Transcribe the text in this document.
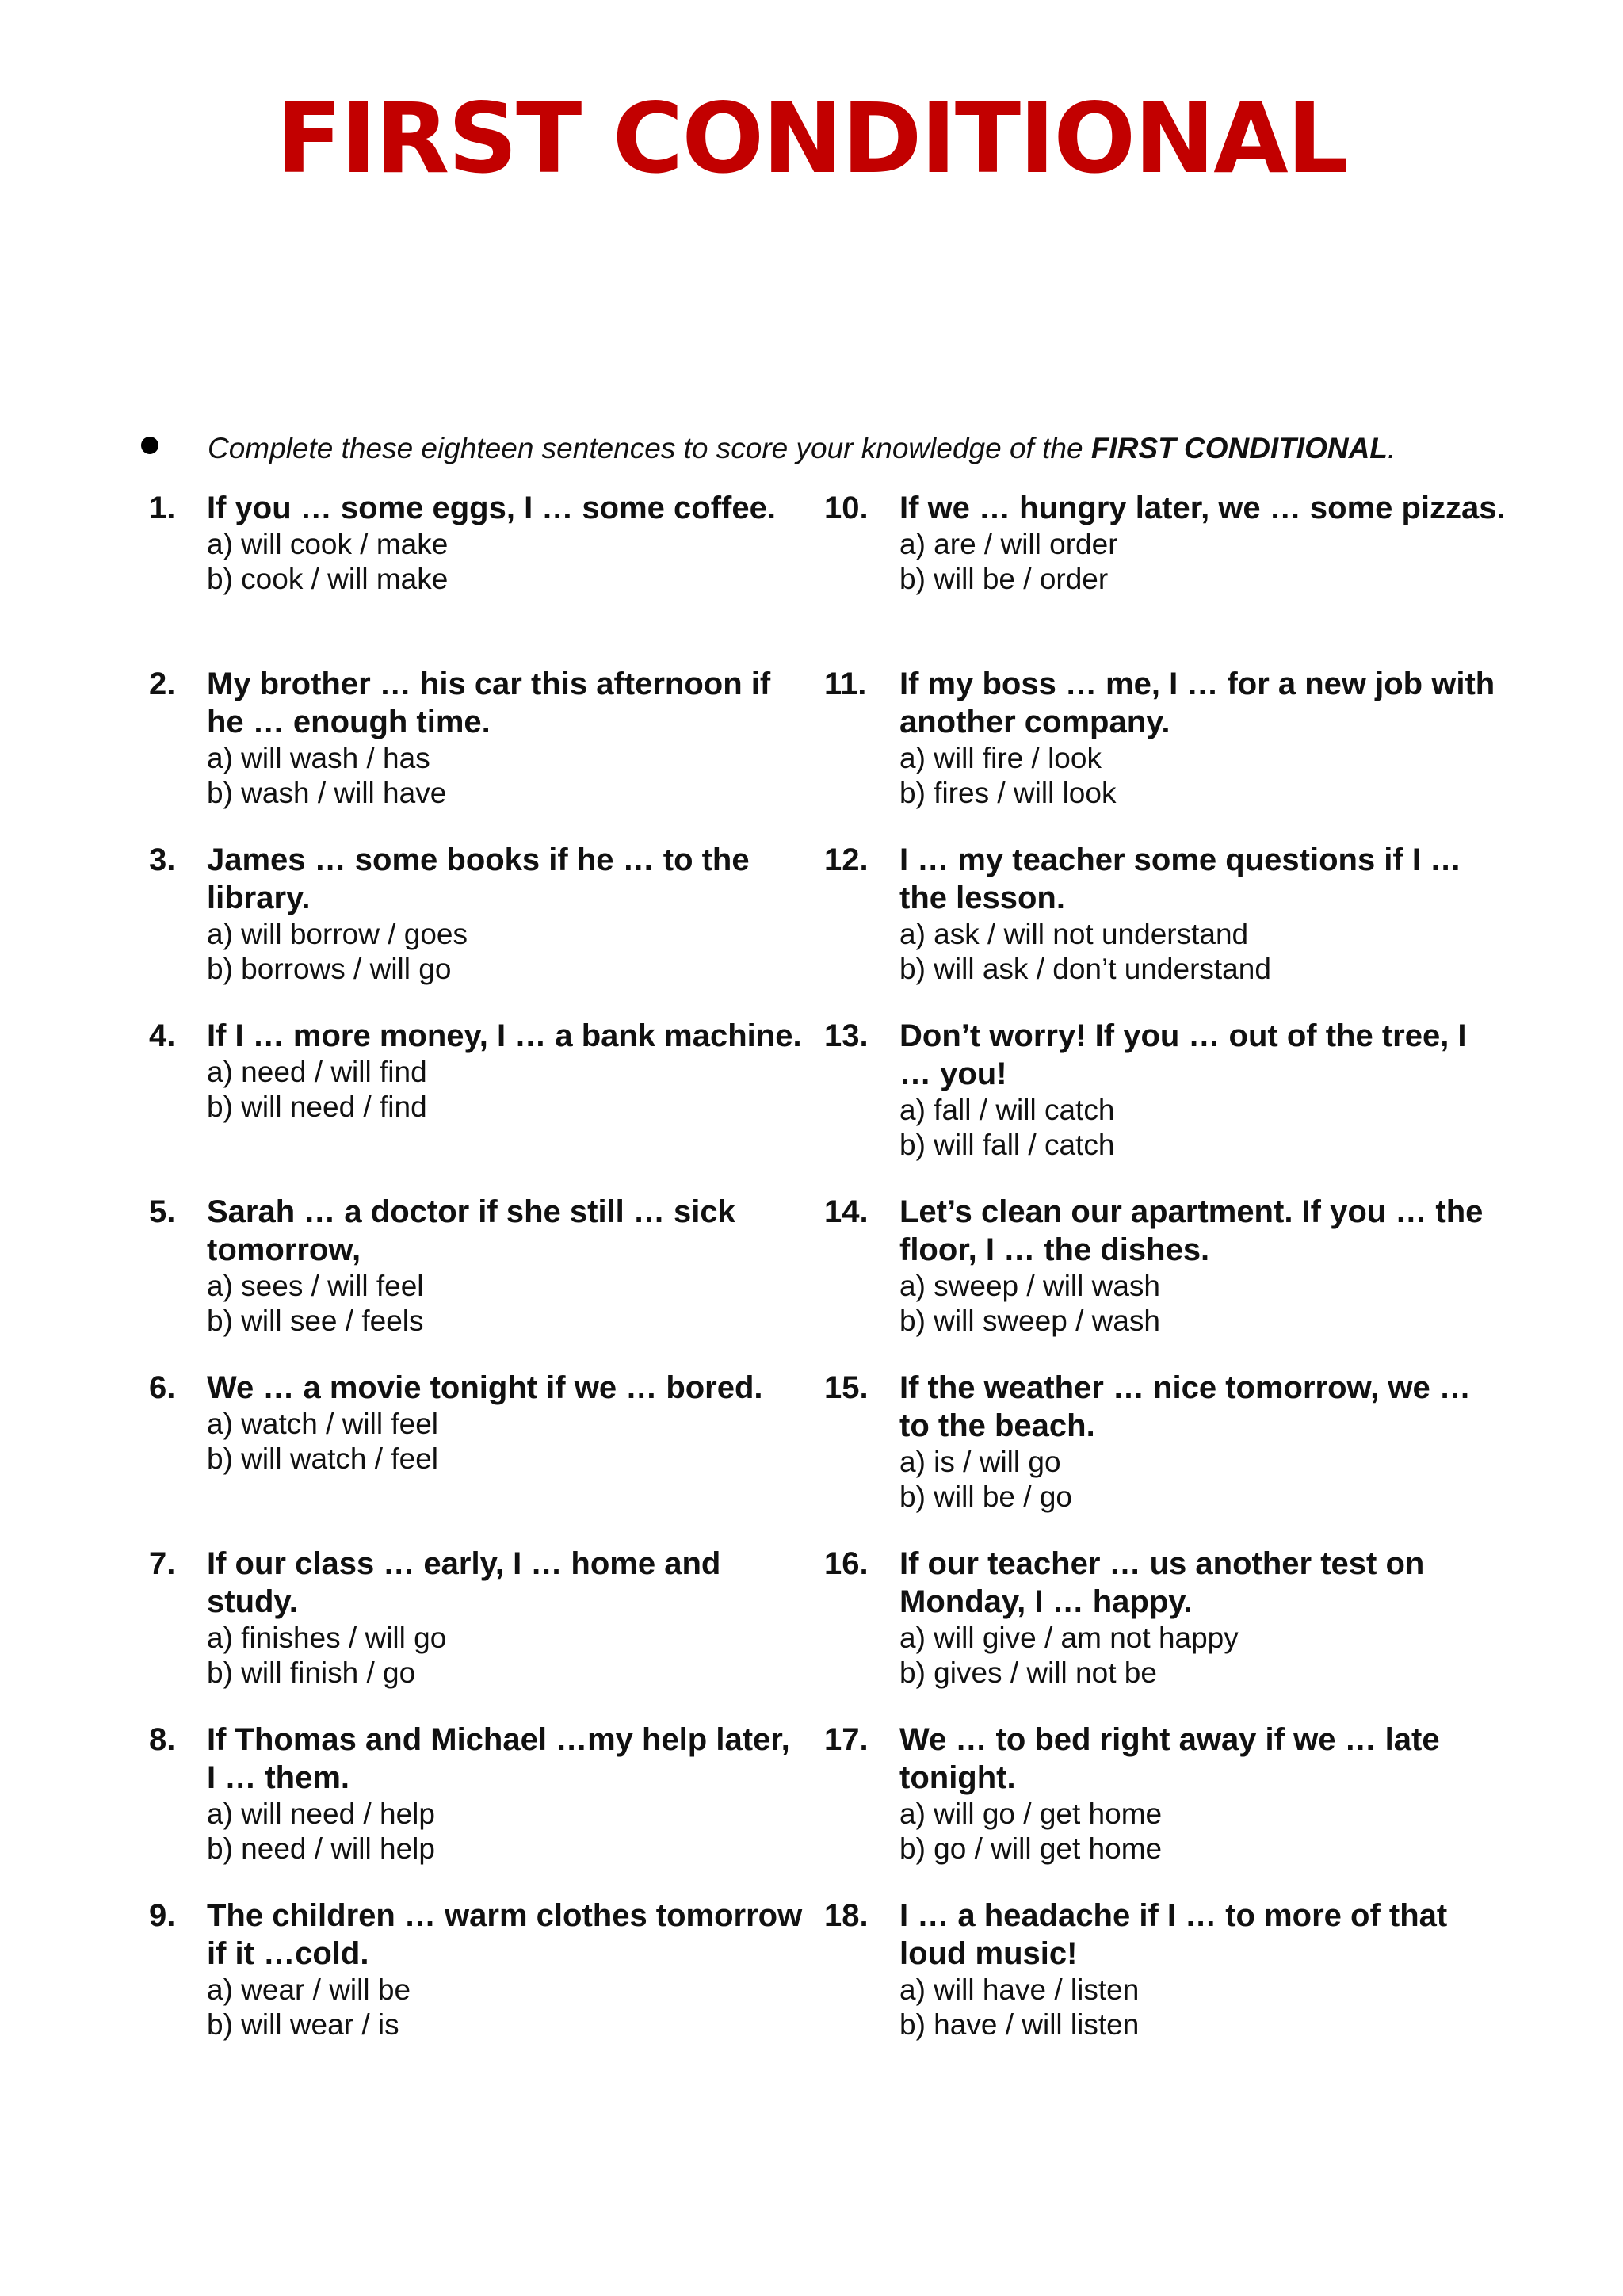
FIRST CONDITIONAL
Complete these eighteen sentences to score your knowledge of the FIRST CONDITIONAL.
1. If you … some eggs, I … some coffee.

a) will cook / make

b) cook / will make

2. My brother … his car this afternoon if he … enough time.

a) will wash / has

b) wash / will have

3. James … some books if he … to the library.

a) will borrow / goes

b) borrows / will go

4. If I … more money, I … a bank machine.

a) need / will find

b) will need / find

5. Sarah … a doctor if she still … sick tomorrow,

a) sees / will feel

b) will see / feels

6. We … a movie tonight if we … bored.

a) watch / will feel

b) will watch / feel

7. If our class … early, I … home and study.

a) finishes / will go

b) will finish / go

8. If Thomas and Michael …my help later, I … them.

a) will need / help

b) need / will help

9. The children … warm clothes tomorrow if it …cold.

a) wear / will be

b) will wear / is

10. If we … hungry later, we … some pizzas.

a) are / will order

b) will be / order

11. If my boss … me, I … for a new job with another company.

a) will fire / look

b) fires / will look

12. I … my teacher some questions if I … the lesson.

a) ask / will not understand

b) will ask / don’t understand

13. Don’t worry! If you … out of the tree, I … you!

a) fall / will catch

b) will fall / catch

14. Let’s clean our apartment. If you … the floor, I … the dishes.

a) sweep / will wash

b) will sweep / wash

15. If the weather … nice tomorrow, we … to the beach.

a) is / will go

b) will be / go

16. If our teacher … us another test on Monday, I … happy.

a) will give / am not happy

b) gives / will not be

17. We … to bed right away if we … late tonight.

a) will go / get home

b) go / will get home

18. I … a headache if I … to more of that loud music!

a) will have / listen

b) have / will listen
